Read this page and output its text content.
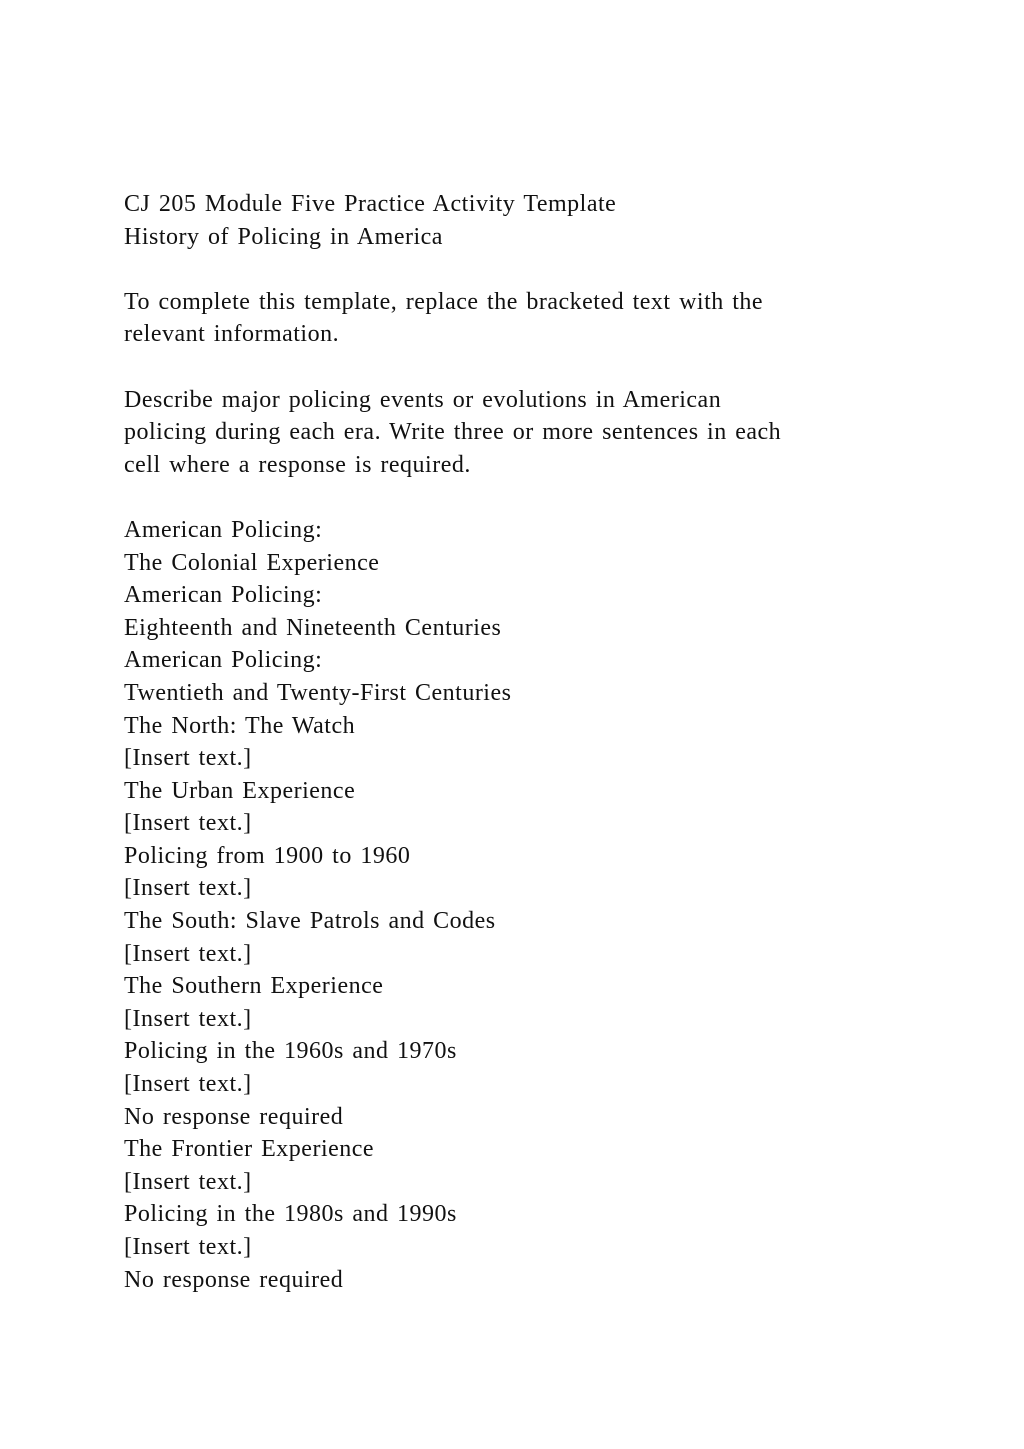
CJ 205 Module Five Practice Activity Template
History of Policing in America
To complete this template, replace the bracketed text with the
relevant information.
Describe major policing events or evolutions in American
policing during each era. Write three or more sentences in each
cell where a response is required.
American Policing:
The Colonial Experience
American Policing:
Eighteenth and Nineteenth Centuries
American Policing:
Twentieth and Twenty-First Centuries
The North: The Watch
[Insert text.]
The Urban Experience
[Insert text.]
Policing from 1900 to 1960
[Insert text.]
The South: Slave Patrols and Codes
[Insert text.]
The Southern Experience
[Insert text.]
Policing in the 1960s and 1970s
[Insert text.]
No response required
The Frontier Experience
[Insert text.]
Policing in the 1980s and 1990s
[Insert text.]
No response required
